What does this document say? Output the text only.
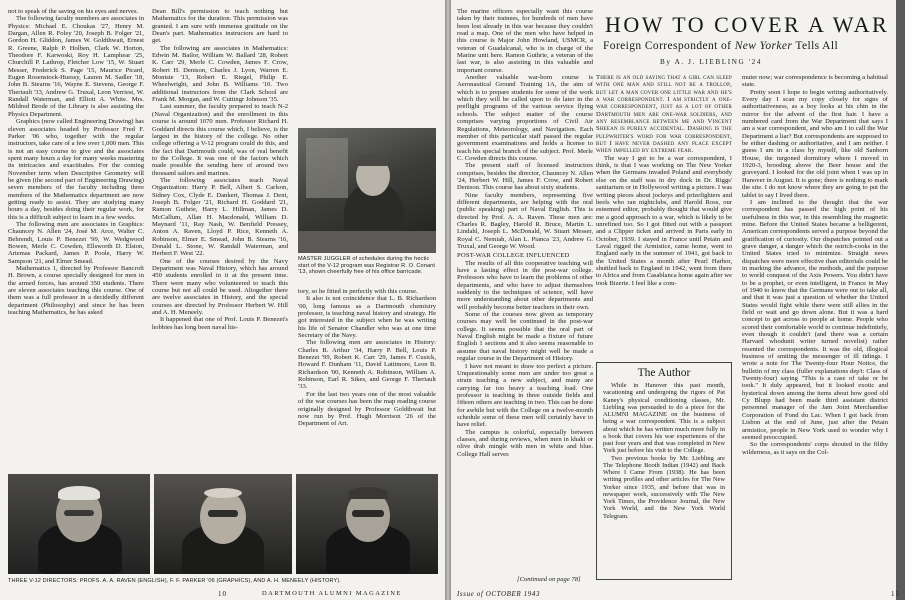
not to speak of the saving on his eyes and nerves.

The following faculty members are associates in Physics: Michael E. Choukas '27, Henry M. Dargan, Allen R. Foley '20, Joseph B. Folger '21, Gordon H. Gliddon, James W. Goldthwait, Ernest R. Greene, Ralph P. Holben, Clark W. Horton, Theodore F. Karwoski, Roy H. Lamphear '25, Churchill P. Lathrop, Fletcher Low '15, W. Stuart Messer, Frederick S. Page '15, Maurice Picard, Eugen Rosenstock-Huessy, Lauren M. Sadler '18, John B. Stearns '16, Wayne E. Stevens, George F. Theriault '33, Andrew G. Truxal, Leon Verriest, W. Randall Waterman, and Elliott A. White. Mrs. Mildred Brode of the Library is also assisting the Physics Department.

Graphics (now called Engineering Drawing) has eleven associates headed by Professor Fred F. Parker '06 who, together with the regular instructors, take care of a few over 1,000 men. This is not an easy course to give and the associates spent many hours a day for many weeks mastering its intricacies and exactitudes. For the coming November term when Descriptive Geometry will be given (the second part of Engineering Drawing) seven members of the faculty including three members of the Mathematics department are now getting ready to assist. They are studying many hours a day, besides doing their regular work, for this is a difficult subject to learn in a few weeks.

The following men are associates in Graphics: Chauncey N. Allen '24, José M. Arce, Walter C. Behrendt, Louis P. Benezet '99, W. Wedgwood Bowen, Merle C. Cowden, Ellsworth D. Elston, Artemas Packard, James P. Poole, Harry W. Sampson '21, and Elmer Smead.

Mathematics 1, directed by Professor Bancroft H. Brown, a course specially designed for men in the armed forces, has around 350 students. There are eleven associates teaching this course. One of them was a full professor in a decidedly different department (Philosophy) and since he has been teaching Mathematics, he has asked

Dean Bill's permission to teach nothing but Mathematics for the duration. This permission was granted. I am sure with immense gratitude on the Dean's part. Mathematics instructors are hard to get.

The following are associates in Mathematics: Edwin M. Bailor, William W. Ballard '28, Robert K. Carr '29, Merle C. Cowden, James F. Crow, Robert H. Denison, Charles J. Lyon, Warren E. Montsie '13, Robert E. Riegel, Philip E. Wheelwright, and John B. Williams '10. Two additional instructors from the Clark School are Frank M. Morgan, and W. Cuttingr Johnson '35.

Last summer, the faculty prepared to teach N-2 (Naval Organization) and the enrollment in this course is around 1070 men. Professor Richard H. Goddard directs this course which, I believe, is the largest in the history of the college. No other college offering a V-12 program could do this, and the fact that Dartmouth could, was of real benefit to the College. It was one of the factors which made possible the sending here of around two thousand sailors and marines.

The following associates teach Naval Organization: Harry P. Bell, Albert S. Carlson, Sidney Cox, Clyde E. Dankert, Thomas J. Dent, Joseph B. Folger '21, Richard H. Goddard '21, Ramon Guthrie, Harry L. Hillman, James D. McCallum, Allan H. Macdonald, William D. Maynard '11, Ray Nash, W. Benfield Pressey, Anton A. Raven, Lloyd P. Rice, Kenneth A. Robinson, Elmer E. Smead, John B. Stearns '16, Donald L. Stone, W. Randall Waterman, and Herbert F. West '22.

One of the courses desired by the Navy Department was Naval History, which has around 450 students enrolled in it at the present time. There were many who volunteered to teach this course but not all could be used. Altogether there are twelve associates in History, and the special courses are directed by Professor Herbert W. Hill and A. H. Meneely.

It happened that one of Prof. Louis P. Benezet's hobbies has long been naval his-

MASTER JUGGLER of schedules during the hectic start of the V-12 program was Registrar R. O. Conant '13, shown cheerfully free of his office barricade.

tory, so he fitted in perfectly with this course.

It also is not coincidence that L. B. Richardson '00, long famous as a Dartmouth chemistry professor, is teaching naval history and strategy. He got interested in the subject when he was writing his life of Senator Chandler who was at one time Secretary of the Navy.

The following men are associates in History: Charles B. Arthur '34, Harry P. Bell, Louis P. Benezet '99, Robert K. Carr '29, James F. Cusick, Howard F. Dunham '11, David Lattimore, Leon B. Richardson '00, Kenneth A. Robinson, William A. Robinson, Earl R. Sikes, and George F. Theriault '33.

For the last two years one of the most valuable of the war courses has been the map reading course originally designed by Professor Goldthwait but now run by Prof. Hugh Morrison '26 of the Department of Art.

THREE V-12 DIRECTORS: PROFS. A. A. RAVEN (ENGLISH), F. F. PARKER '06 (GRAPHICS), AND A. H. MENEELY (HISTORY).
10	DARTMOUTH ALUMNI MAGAZINE

The marine officers especially want this course taken by their trainees, for hundreds of men have been lost already in this war because they couldn't read a map. One of the men who have helped in this course is Major John Howland, USMCR, a veteran of Guadalcanal, who is in charge of the Marine unit here. Ramon Guthrie, a veteran of the last war, is also assisting in this valuable and important course.

Another valuable war-born course is Aeronautical Ground Training 1A, the aim of which is to prepare students for some of the work which they will be called upon to do later in the preflight programs of the various service flying schools. The subject matter of the course comprises varying proportions of Civil Air Regulations, Meteorology, and Navigation. Each member of this particular staff passed the regular government examinations and holds a license to teach his special branch of the subject. Prof. Merle C. Cowden directs this course.

The present staff of licensed instructors comprises, besides the director, Chauncey N. Allen '24, Herbert W. Hill, James F. Crow, and Robert Denison. This course has about sixty students.

Nine faculty members, representing five different departments, are helping with the oral (public speaking) part of Naval English. This is directed by Prof. A. A. Raven. These men are: Charles R. Bagley, Harold R. Bruce, Martin L. Lindahl, Joseph L. McDonald, W. Stuart Messer, Royal C. Nemiah, Alan L. Pianca '23, Andrew G. Truxal, and George W. Wood.

POST-WAR COLLEGE INFLUENCED

The results of all this cooperative teaching will have a lasting effect in the post-war college. Professors who have to learn the problems of other departments, and who have to adjust themselves suddenly to the techniques of science, will have more understanding about other departments and will probably become better teachers in their own.

Some of the courses now given as temporary courses may well be continued in the post-war college. It seems possible that the oral part of Naval English might be made a fixture of future English 1 sections and it also seems reasonable to assume that naval history might well be made a regular course in the Department of History.

I have not meant to draw too perfect a picture. Unquestionably some men are under too great a strain teaching a new subject, and many are carrying far too heavy a teaching load. One professor is teaching in three outside fields and fifteen others are teaching in two. This can be done for awhile but with the College on a twelve-month schedule some of these men will certainly have to have relief.

The campus is colorful, especially between classes, and during reviews, when men in khaki or olive drab mingle with men in white and blue. College Hall serves

[Continued on page 78]
Issue of OCTOBER 1943	11
HOW TO COVER A WAR
Foreign Correspondent of New Yorker Tells All
By A. J. LIEBLING '24

There is an old saying that a girl can sleep with one man and still not be a trollop, but let a man cover one little war and he's a war correspondent. I am strictly a one-war correspondent, just as a lot of other Dartmouth men are one-war soldiers, and any resemblance between me and Vincent Sheean is purely accidental. Dashing is the pulpwriter's word for war correspondent, but I have never dashed any place except when impelled by extreme fear.

The way I got to be a war correspondent, I think, is that I was working on The New Yorker when the Germans invaded Poland and everybody else on the staff was in dry dock in Dr. Riggs' sanitarium or in Hollywood writing a picture. I was writing pieces about jockeys and prizefighters and heels who ran nightclubs, and Harold Ross, our esteemed editor, probably thought that would give me a good approach to a war, which is likely to be unrefined too. So I got fitted out with a passport and a Clipper ticket and arrived in Paris early in October, 1939. I stayed in France until Petain and Laval rigged the Armistice, came home, went to England early in the summer of 1941, got back to the United States a month after Pearl Harbor, shuttled back to England in 1942, went from there to Africa and from Casablanca home again after we took Bizerte. I feel like a com-

muter now; war correspondence is becoming a habitual state.

Pretty soon I hope to begin writing authoritatively. Every day I scan my copy closely for signs of authoritativeness, as a boy looks at his chin in the mirror for the advent of the first hair. I have a numbered card from the War Department that says I am a war correspondent, and who am I to call the War Department a liar? But correspondents are supposed to be either dashing or authoritative, and I am neither. I guess I am in a class by myself, like old Sanborn House, the turgoned dormitory where I moved in 1920-3, brooding above the Beer house and the graveyard. I looked for the old joint when I was up in Hanover in August. It is gone; there is nothing to mark the site. I do not know where they are going to put the tablet to say I lived there.

I am inclined to the thought that the war correspondent has passed the high point of his usefulness in this war, in this resembling the magnetic mine. Before the United States became a belligerent, American correspondents served a purpose beyond the gratification of curiosity. Our dispatches pointed out a grave danger, a danger which the ostrich-cooks in the United States tried to minimize. Straight news dispatches were more effective than editorials could be in marking the advance, the methods, and the purpose to world conquest of the Axis Powers. You didn't have to be a prophet, or even intelligent, in France in May of 1940 to know that the Germans were out to take all, and that it was just a question of whether the United States would fight while there were still allies in the field or wait and go down alone. But it was a hard concept to get across to people at home. People who scored their comfortable world to continue indefinitely, even though it couldn't (and there was a certain Harvard whodunit writer turned novelist) rather resented the correspondents. It was the old, illogical business of smiting the messenger of ill tidings. I wrote a note for The Twenty-four Hour Notice, the bulletin of my class (fuller explanations dep't: Class of Twenty-four) saying "This is a case of take or be took." It duly appeared, but it looked exotic and hysterical down among the items about how good old Cy Blupp had been made third assistant district personnel manager of the Jam Joint Merchandise Corporation of Fond du Lac. When I got back from Lisbon at the end of June, just after the Petain armistice, people in New York used to wonder why I seemed preoccupied.

So the correspondents' corps shouted in the filthy wilderness, as it says on the Col-

The Author

While in Hanover this past month, vacationing and undergoing the rigors of Pat Kaney's physical conditioning classes, Mr. Liebling was persuaded to do a piece for the ALUMNI MAGAZINE on the business of being a war correspondent. This is a subject about which he has written much more fully in a book that covers his war experiences of the past four years and that was completed in New York just before his visit to the College.

Two previous books by Mr. Liebling are The Telephone Booth Indian (1942) and Back Where I Came From (1938). He has been writing profiles and other articles for The New Yorker since 1935, and before that was in newspaper work, successively with The New York Times, the Providence Journal, the New York World, and the New York World Telegram.
